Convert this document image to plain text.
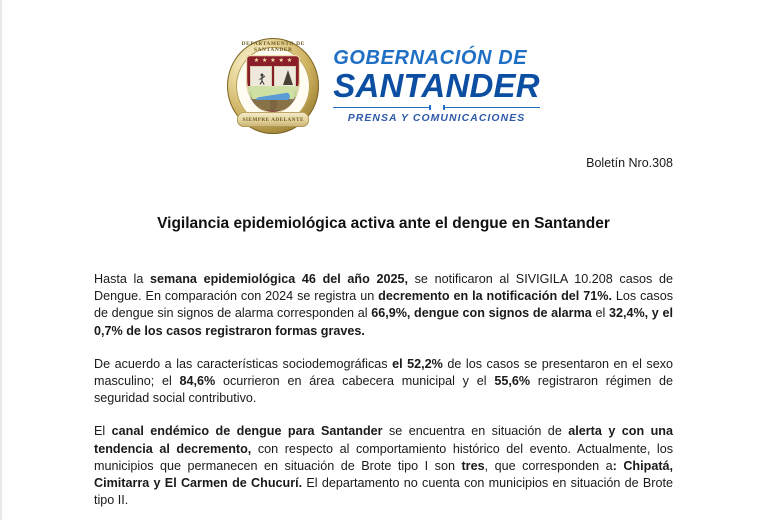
DEPARTAMENTO DE SANTANDER
★ ★ ★ ★ ★
SIEMPRE ADELANTE
GOBERNACIÓN DE
SANTANDER
PRENSA Y COMUNICACIONES
Boletín Nro.308
Vigilancia epidemiológica activa ante el dengue en Santander

Hasta la semana epidemiológica 46 del año 2025, se notificaron al SIVIGILA 10.208 casos de Dengue. En comparación con 2024 se registra un decremento en la notificación del 71%. Los casos de dengue sin signos de alarma corresponden al 66,9%, dengue con signos de alarma el 32,4%, y el 0,7% de los casos registraron formas graves.

De acuerdo a las características sociodemográficas el 52,2% de los casos se presentaron en el sexo masculino; el 84,6% ocurrieron en área cabecera municipal y el 55,6% registraron régimen de seguridad social contributivo.

El canal endémico de dengue para Santander se encuentra en situación de alerta y con una tendencia al decremento, con respecto al comportamiento histórico del evento. Actualmente, los municipios que permanecen en situación de Brote tipo I son tres, que corresponden a: Chipatá, Cimitarra y El Carmen de Chucurí. El departamento no cuenta con municipios en situación de Brote tipo II.
